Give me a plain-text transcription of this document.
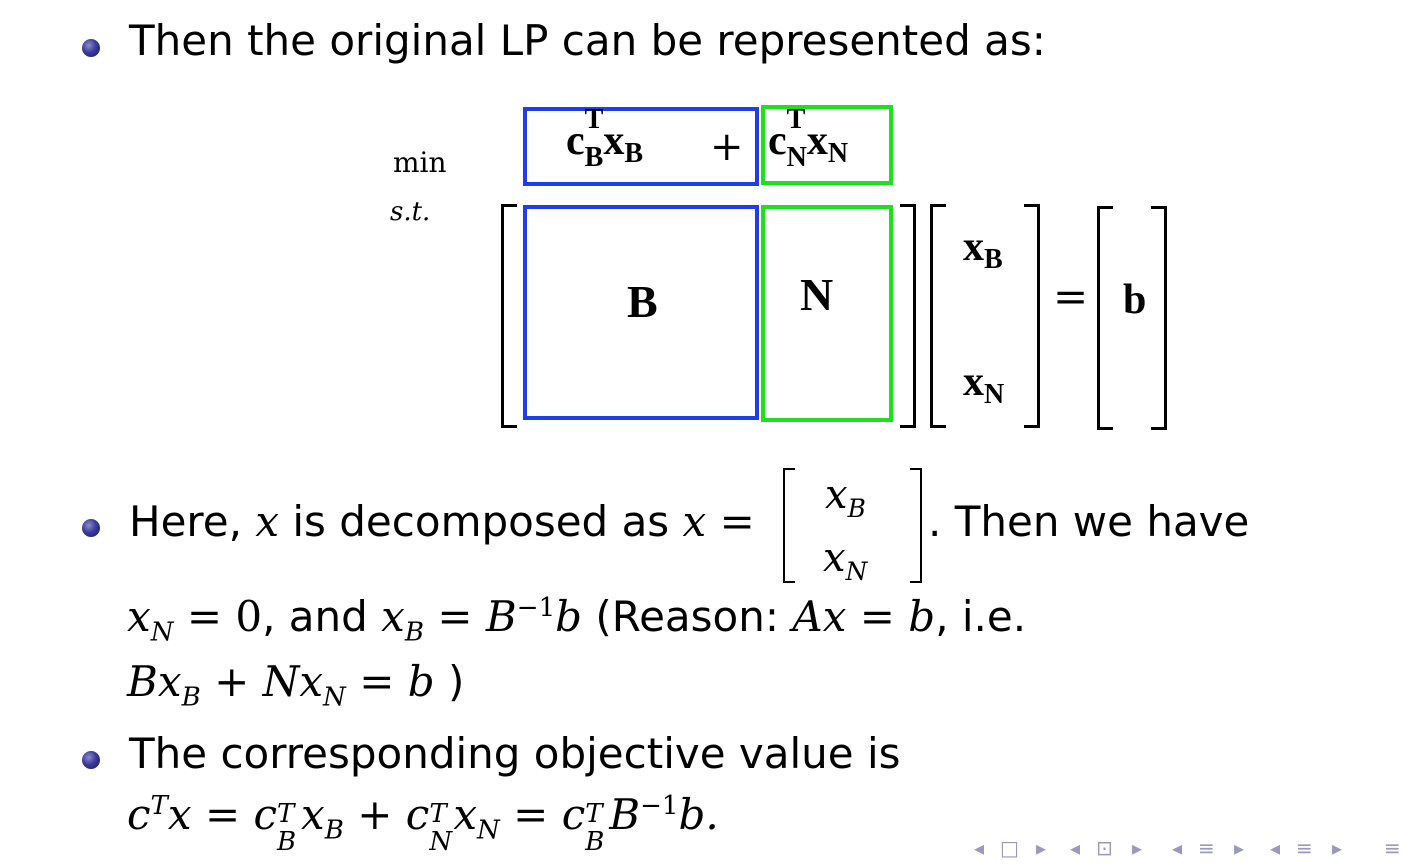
Then the original LP can be represented as:
min
s.t.
c T
$_B$xB + c T
$_N$xN
B	N
xB
xN
= b
Here, x is decomposed as x =
$x_B$
$x_N$
. Then we have
$x_N = 0$, and $x_B = B^{-1}b$ (Reason: Ax = b, i.e.
$Bx_B + Nx_N = b$ )
The corresponding objective value is
$c^Tx = c$ T
B
$x_B + c$ T
N
$x_N = c$ T
B
$B^{-1}b$.
◂ □ ▸ ◂ ⊡ ▸ ◂ ≡ ▸ ◂ ≡ ▸ ≡
